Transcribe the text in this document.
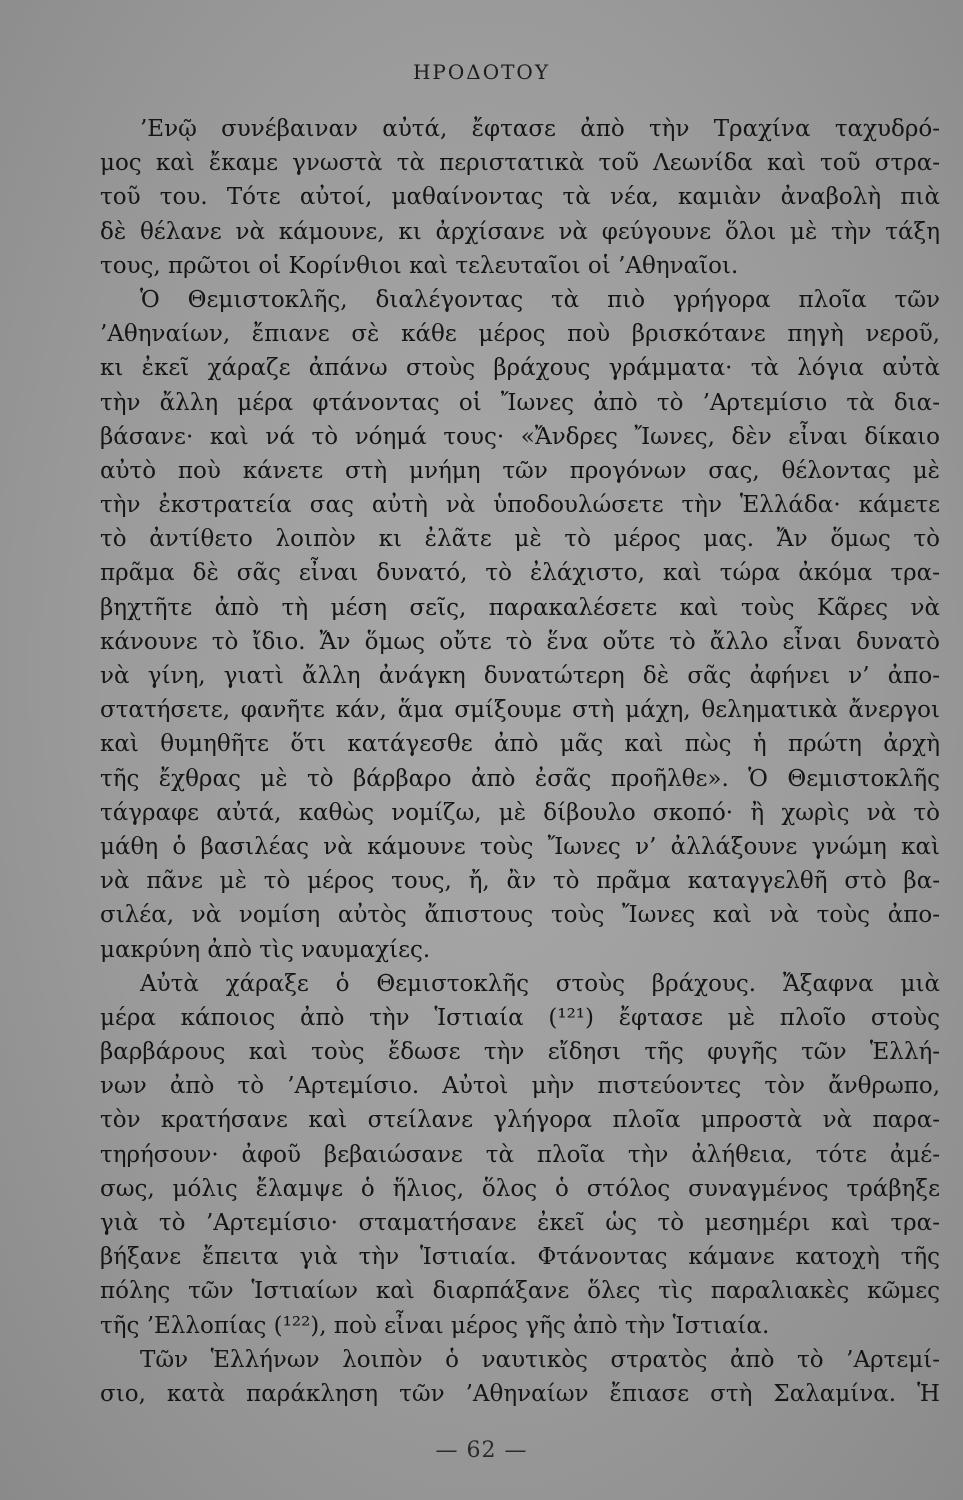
ΗΡΟΔΟΤΟΥ
’Ενῷ συνέβαιναν αὐτά, ἔφτασε ἀπὸ τὴν Τραχίνα ταχυδρό-
μος καὶ ἔκαμε γνωστὰ τὰ περιστατικὰ τοῦ Λεωνίδα καὶ τοῦ στρα-
τοῦ του. Τότε αὐτοί, μαθαίνοντας τὰ νέα, καμιὰν ἀναβολὴ πιὰ
δὲ θέλανε νὰ κάμουνε, κι ἀρχίσανε νὰ φεύγουνε ὅλοι μὲ τὴν τάξη
τους, πρῶτοι οἱ Κορίνθιοι καὶ τελευταῖοι οἱ ’Αθηναῖοι.
Ὁ Θεμιστοκλῆς, διαλέγοντας τὰ πιὸ γρήγορα πλοῖα τῶν
’Αθηναίων, ἔπιανε σὲ κάθε μέρος ποὺ βρισκότανε πηγὴ νεροῦ,
κι ἐκεῖ χάραζε ἀπάνω στοὺς βράχους γράμματα· τὰ λόγια αὐτὰ
τὴν ἄλλη μέρα φτάνοντας οἱ Ἴωνες ἀπὸ τὸ ’Αρτεμίσιο τὰ δια-
βάσανε· καὶ νά τὸ νόημά τους· «Ἄνδρες Ἴωνες, δὲν εἶναι δίκαιο
αὐτὸ ποὺ κάνετε στὴ μνήμη τῶν προγόνων σας, θέλοντας μὲ
τὴν ἐκστρατεία σας αὐτὴ νὰ ὑποδουλώσετε τὴν Ἑλλάδα· κάμετε
τὸ ἀντίθετο λοιπὸν κι ἐλᾶτε μὲ τὸ μέρος μας. Ἄν ὅμως τὸ
πρᾶμα δὲ σᾶς εἶναι δυνατό, τὸ ἐλάχιστο, καὶ τώρα ἀκόμα τρα-
βηχτῆτε ἀπὸ τὴ μέση σεῖς, παρακαλέσετε καὶ τοὺς Κᾶρες νὰ
κάνουνε τὸ ἴδιο. Ἄν ὅμως οὔτε τὸ ἕνα οὔτε τὸ ἄλλο εἶναι δυνατὸ
νὰ γίνη, γιατὶ ἄλλη ἀνάγκη δυνατώτερη δὲ σᾶς ἀφήνει ν’ ἀπο-
στατήσετε, φανῆτε κάν, ἅμα σμίξουμε στὴ μάχη, θεληματικὰ ἄνεργοι
καὶ θυμηθῆτε ὅτι κατάγεσθε ἀπὸ μᾶς καὶ πὼς ἡ πρώτη ἀρχὴ
τῆς ἔχθρας μὲ τὸ βάρβαρο ἀπὸ ἐσᾶς προῆλθε». Ὁ Θεμιστοκλῆς
τάγραφε αὐτά, καθὼς νομίζω, μὲ δίβουλο σκοπό· ἢ χωρὶς νὰ τὸ
μάθη ὁ βασιλέας νὰ κάμουνε τοὺς Ἴωνες ν’ ἀλλάξουνε γνώμη καὶ
νὰ πᾶνε μὲ τὸ μέρος τους, ἤ, ἂν τὸ πρᾶμα καταγγελθῆ στὸ βα-
σιλέα, νὰ νομίση αὐτὸς ἄπιστους τοὺς Ἴωνες καὶ νὰ τοὺς ἀπο-
μακρύνη ἀπὸ τὶς ναυμαχίες.
Αὐτὰ χάραξε ὁ Θεμιστοκλῆς στοὺς βράχους. Ἄξαφνα μιὰ
μέρα κάποιος ἀπὸ τὴν Ἱστιαία (¹²¹) ἔφτασε μὲ πλοῖο στοὺς
βαρβάρους καὶ τοὺς ἔδωσε τὴν εἴδησι τῆς φυγῆς τῶν Ἑλλή-
νων ἀπὸ τὸ ’Αρτεμίσιο. Αὐτοὶ μὴν πιστεύοντες τὸν ἄνθρωπο,
τὸν κρατήσανε καὶ στείλανε γλήγορα πλοῖα μπροστὰ νὰ παρα-
τηρήσουν· ἀφοῦ βεβαιώσανε τὰ πλοῖα τὴν ἀλήθεια, τότε ἀμέ-
σως, μόλις ἔλαμψε ὁ ἥλιος, ὅλος ὁ στόλος συναγμένος τράβηξε
γιὰ τὸ ’Αρτεμίσιο· σταματήσανε ἐκεῖ ὡς τὸ μεσημέρι καὶ τρα-
βήξανε ἔπειτα γιὰ τὴν Ἱστιαία. Φτάνοντας κάμανε κατοχὴ τῆς
πόλης τῶν Ἱστιαίων καὶ διαρπάξανε ὅλες τὶς παραλιακὲς κῶμες
τῆς ’Ελλοπίας (¹²²), ποὺ εἶναι μέρος γῆς ἀπὸ τὴν Ἱστιαία.
Τῶν Ἑλλήνων λοιπὸν ὁ ναυτικὸς στρατὸς ἀπὸ τὸ ’Αρτεμί-
σιο, κατὰ παράκληση τῶν ’Αθηναίων ἔπιασε στὴ Σαλαμίνα. Ἡ
— 62 —
